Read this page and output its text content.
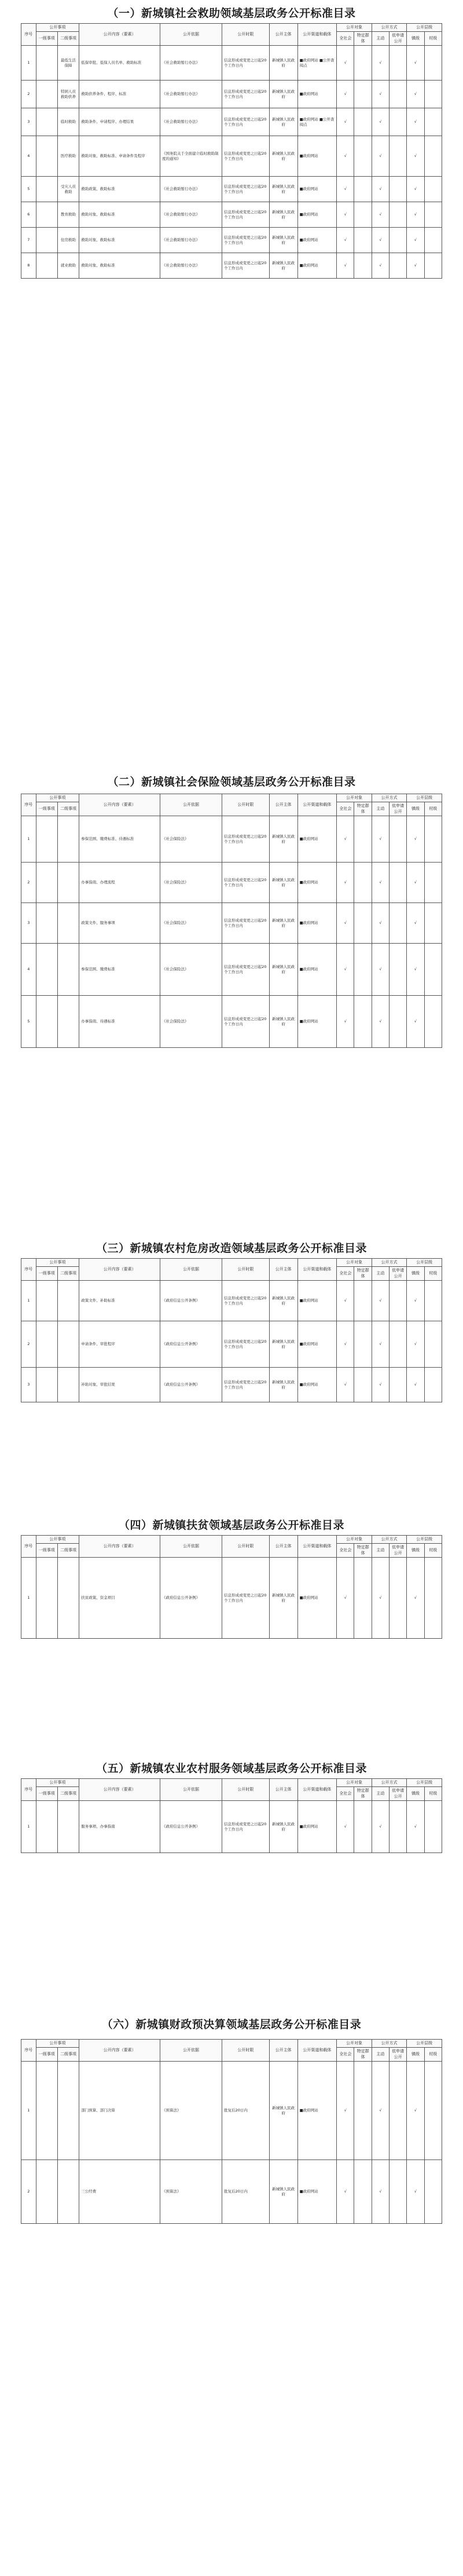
（一）新城镇社会救助领域基层政务公开标准目录
序号	公开事项		公开内容（要素）	公开依据	公开时限	公开主体	公开渠道和载体	公开对象		公开方式		公开层级	
	一级事项	二级事项						全社会	特定群体	主动	依申请公开	镇级	村级
1		最低生活保障	低保审批、低保人员名单、救助标准	《社会救助暂行办法》	信息形成或变更之日起20个工作日内	新城镇人民政府	■政府网站 ■公开查阅点	√		√		√	
2		特困人员救助供养	救助供养条件、程序、标准	《社会救助暂行办法》	信息形成或变更之日起20个工作日内	新城镇人民政府	■政府网站	√		√		√	
3		临时救助	救助条件、申请程序、办理结果	《社会救助暂行办法》	信息形成或变更之日起20个工作日内	新城镇人民政府	■政府网站 ■公开查阅点	√		√		√	
4		医疗救助	救助对象、救助标准、申请条件及程序	《国务院关于全面建立临时救助制度的通知》	信息形成或变更之日起20个工作日内	新城镇人民政府	■政府网站	√		√		√	
5		受灾人员救助	救助政策、救助标准	《社会救助暂行办法》	信息形成或变更之日起20个工作日内	新城镇人民政府	■政府网站	√		√		√	
6		教育救助	救助对象、救助标准	《社会救助暂行办法》	信息形成或变更之日起20个工作日内	新城镇人民政府	■政府网站	√		√		√	
7		住房救助	救助对象、救助标准	《社会救助暂行办法》	信息形成或变更之日起20个工作日内	新城镇人民政府	■政府网站	√		√		√	
8		就业救助	救助对象、救助标准	《社会救助暂行办法》	信息形成或变更之日起20个工作日内	新城镇人民政府	■政府网站	√		√		√	
（二）新城镇社会保险领域基层政务公开标准目录
序号	公开事项		公开内容（要素）	公开依据	公开时限	公开主体	公开渠道和载体	公开对象		公开方式		公开层级	
	一级事项	二级事项						全社会	特定群体	主动	依申请公开	镇级	村级
1			参保范围、缴费标准、待遇标准	《社会保险法》	信息形成或变更之日起20个工作日内	新城镇人民政府	■政府网站	√		√		√	
2			办事指南、办理流程	《社会保险法》	信息形成或变更之日起20个工作日内	新城镇人民政府	■政府网站	√		√		√	
3			政策文件、服务事项	《社会保险法》	信息形成或变更之日起20个工作日内	新城镇人民政府	■政府网站	√		√		√	
4			参保范围、缴费标准	《社会保险法》	信息形成或变更之日起20个工作日内	新城镇人民政府	■政府网站	√		√		√	
5			办事指南、待遇标准	《社会保险法》	信息形成或变更之日起20个工作日内	新城镇人民政府	■政府网站	√		√		√	
（三）新城镇农村危房改造领域基层政务公开标准目录
序号	公开事项		公开内容（要素）	公开依据	公开时限	公开主体	公开渠道和载体	公开对象		公开方式		公开层级	
	一级事项	二级事项						全社会	特定群体	主动	依申请公开	镇级	村级
1			政策文件、补助标准	《政府信息公开条例》	信息形成或变更之日起20个工作日内	新城镇人民政府	■政府网站	√		√		√	
2			申请条件、审批程序	《政府信息公开条例》	信息形成或变更之日起20个工作日内	新城镇人民政府	■政府网站	√		√		√	
3			补助对象、审批结果	《政府信息公开条例》	信息形成或变更之日起20个工作日内	新城镇人民政府	■政府网站	√		√		√	
（四）新城镇扶贫领域基层政务公开标准目录
序号	公开事项		公开内容（要素）	公开依据	公开时限	公开主体	公开渠道和载体	公开对象		公开方式		公开层级	
	一级事项	二级事项						全社会	特定群体	主动	依申请公开	镇级	村级
1			扶贫政策、资金项目	《政府信息公开条例》	信息形成或变更之日起20个工作日内	新城镇人民政府	■政府网站	√		√		√	
（五）新城镇农业农村服务领域基层政务公开标准目录
序号	公开事项		公开内容（要素）	公开依据	公开时限	公开主体	公开渠道和载体	公开对象		公开方式		公开层级	
	一级事项	二级事项						全社会	特定群体	主动	依申请公开	镇级	村级
1			服务事项、办事指南	《政府信息公开条例》	信息形成或变更之日起20个工作日内	新城镇人民政府	■政府网站	√		√		√	
（六）新城镇财政预决算领域基层政务公开标准目录
序号	公开事项		公开内容（要素）	公开依据	公开时限	公开主体	公开渠道和载体	公开对象		公开方式		公开层级	
	一级事项	二级事项						全社会	特定群体	主动	依申请公开	镇级	村级
1			部门预算、部门决算	《预算法》	批复后20日内	新城镇人民政府	■政府网站	√		√		√	
2			三公经费	《预算法》	批复后20日内	新城镇人民政府	■政府网站	√		√		√	
